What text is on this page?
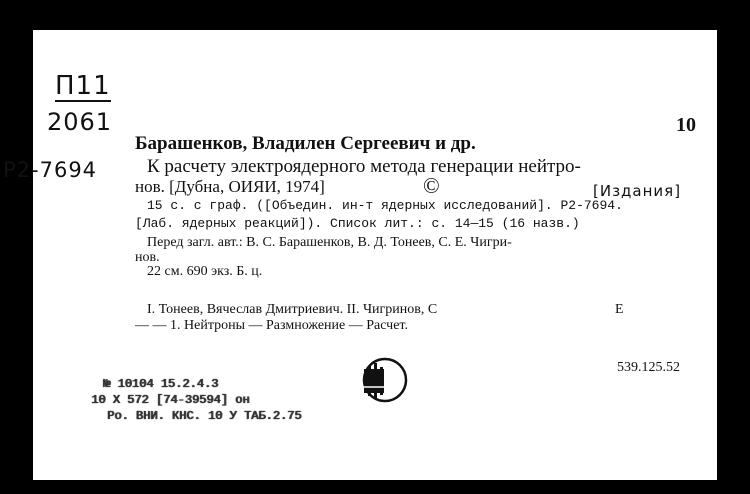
П11
2061
Р2-7694
10
Барашенков, Владилен Сергеевич и др.
К расчету электроядерного метода генерации нейтро-
нов. [Дубна, ОИЯИ, 1974]	©	[Издания]
15 с. с граф. ([Объедин. ин-т ядерных исследований]. Р2-7694.
[Лаб. ядерных реакций]). Список лит.: с. 14—15 (16 назв.)
Перед загл. авт.: В. С. Барашенков, В. Д. Тонеев, С. Е. Чигри-
нов.
22 см. 690 экз. Б. ц.
I. Тонеев, Вячеслав Дмитриевич. II. Чигринов, С	Е
— — 1. Нейтроны — Размножение — Расчет.
539.125.52
№ 10104 15.2.4.3
10 Х 572 [74-39594] он
Ро. ВНИ. КНС. 10 У ТАБ.2.75
